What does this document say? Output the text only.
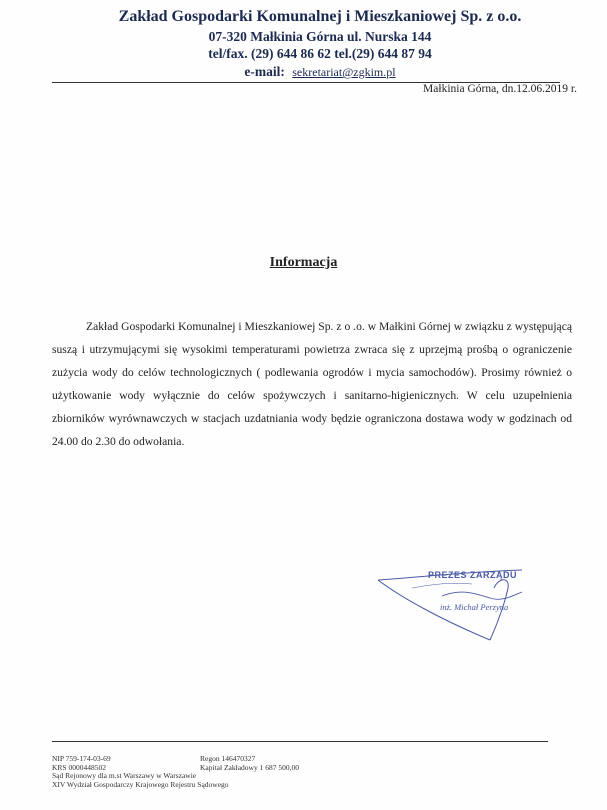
Zakład Gospodarki Komunalnej i Mieszkaniowej Sp. z o.o.
07-320 Małkinia Górna ul. Nurska 144
tel/fax. (29) 644 86 62 tel.(29) 644 87 94
e-mail: sekretariat@zgkim.pl
Małkinia Górna, dn.12.06.2019 r.
Informacja
Zakład Gospodarki Komunalnej i Mieszkaniowej Sp. z o .o. w Małkini Górnej w związku z występującą suszą i utrzymującymi się wysokimi temperaturami powietrza zwraca się z uprzejmą prośbą o ograniczenie zużycia wody do celów technologicznych ( podlewania ogrodów i mycia samochodów). Prosimy również o użytkowanie wody wyłącznie do celów spożywczych i sanitarno-higienicznych. W celu uzupełnienia zbiorników wyrównawczych w stacjach uzdatniania wody będzie ograniczona dostawa wody w godzinach od 24.00 do 2.30 do odwołania.
PREZES ZARZĄDU
inż. Michał Perzyna
NIP 759-174-03-69
KRS 0000448502
Sąd Rejonowy dla m.st Warszawy w Warszawie
XIV Wydział Gospodarczy Krajowego Rejestru Sądowego
Regon 146470327
Kapitał Zakładowy 1 687 500,00
